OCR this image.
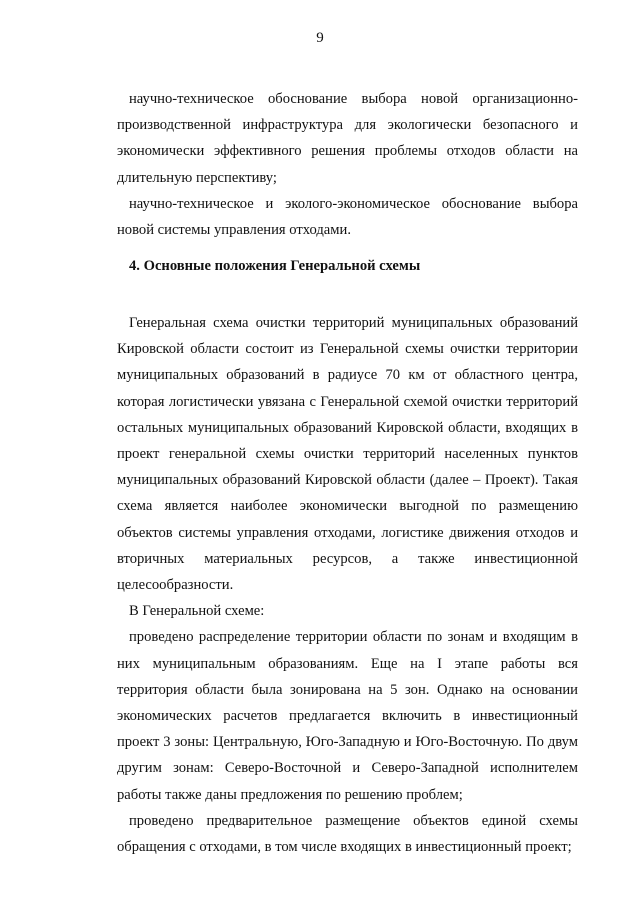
9

научно-техническое обоснование выбора новой организационно-производственной инфраструктура для экологически безопасного и экономически эффективного решения проблемы отходов области на длительную перспективу;

научно-техническое и эколого-экономическое обоснование выбора новой системы управления отходами.

4. Основные положения Генеральной схемы

Генеральная схема очистки территорий муниципальных образований Кировской области состоит из Генеральной схемы очистки территории муниципальных образований в радиусе 70 км от областного центра, которая логистически увязана с Генеральной схемой очистки территорий остальных муниципальных образований Кировской области, входящих в проект генеральной схемы очистки территорий населенных пунктов муниципальных образований Кировской области (далее – Проект). Такая схема является наиболее экономически выгодной по размещению объектов системы управления отходами, логистике движения отходов и вторичных материальных ресурсов, а также инвестиционной целесообразности.

В Генеральной схеме:

проведено распределение территории области по зонам и входящим в них муниципальным образованиям. Еще на I этапе работы вся территория области была зонирована на 5 зон. Однако на основании экономических расчетов предлагается включить в инвестиционный проект 3 зоны: Центральную, Юго-Западную и Юго-Восточную. По двум другим зонам: Северо-Восточной и Северо-Западной исполнителем работы также даны предложения по решению проблем;

проведено предварительное размещение объектов единой схемы обращения с отходами, в том числе входящих в инвестиционный проект;
